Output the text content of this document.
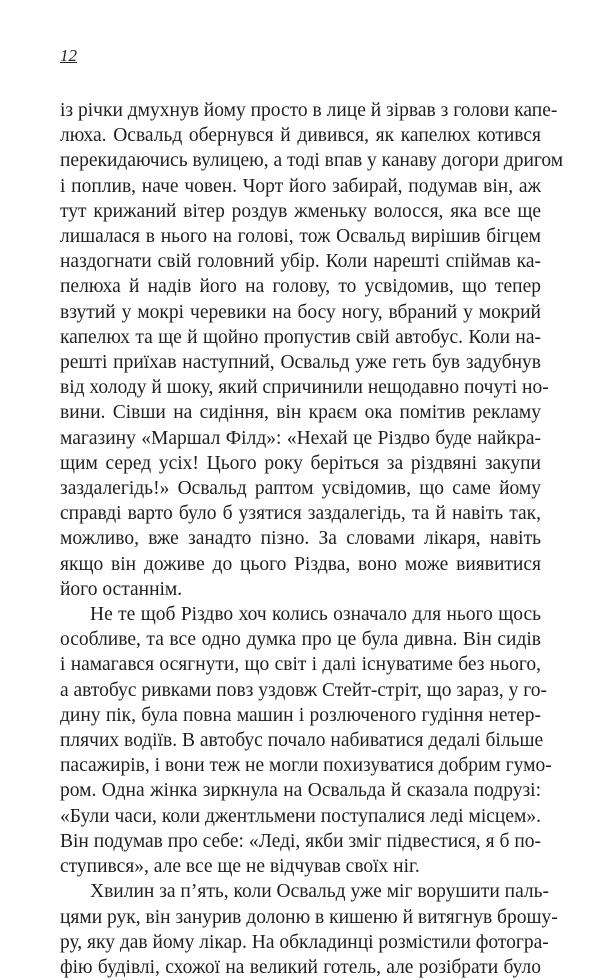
12
із річки дмухнув йому просто в лице й зірвав з голови капе-
люха. Освальд обернувся й дивився, як капелюх котився
перекидаючись вулицею, а тоді впав у канаву догори дригом
і поплив, наче човен. Чорт його забирай, подумав він, аж
тут крижаний вітер роздув жменьку волосся, яка все ще
лишалася в нього на голові, тож Освальд вирішив бігцем
наздогнати свій головний убір. Коли нарешті спіймав ка-
пелюха й надів його на голову, то усвідомив, що тепер
взутий у мокрі черевики на босу ногу, вбраний у мокрий
капелюх та ще й щойно пропустив свій автобус. Коли на-
решті приїхав наступний, Освальд уже геть був задубнув
від холоду й шоку, який спричинили нещодавно почуті но-
вини. Сівши на сидіння, він краєм ока помітив рекламу
магазину «Маршал Філд»: «Нехай це Різдво буде найкра-
щим серед усіх! Цього року беріться за різдвяні закупи
заздалегідь!» Освальд раптом усвідомив, що саме йому
справді варто було б узятися заздалегідь, та й навіть так,
можливо, вже занадто пізно. За словами лікаря, навіть
якщо він доживе до цього Різдва, воно може виявитися
його останнім.
Не те щоб Різдво хоч колись означало для нього щось
особливе, та все одно думка про це була дивна. Він сидів
і намагався осягнути, що світ і далі існуватиме без нього,
а автобус ривками повз уздовж Стейт-стріт, що зараз, у го-
дину пік, була повна машин і розлюченого гудіння нетер-
плячих водіїв. В автобус почало набиватися дедалі більше
пасажирів, і вони теж не могли похизуватися добрим гумо-
ром. Одна жінка зиркнула на Освальда й сказала подрузі:
«Були часи, коли джентльмени поступалися леді місцем».
Він подумав про себе: «Леді, якби зміг підвестися, я б по-
ступився», але все ще не відчував своїх ніг.
Хвилин за п’ять, коли Освальд уже міг ворушити паль-
цями рук, він занурив долоню в кишеню й витягнув брошу-
ру, яку дав йому лікар. На обкладинці розмістили фотогра-
фію будівлі, схожої на великий готель, але розібрати було
